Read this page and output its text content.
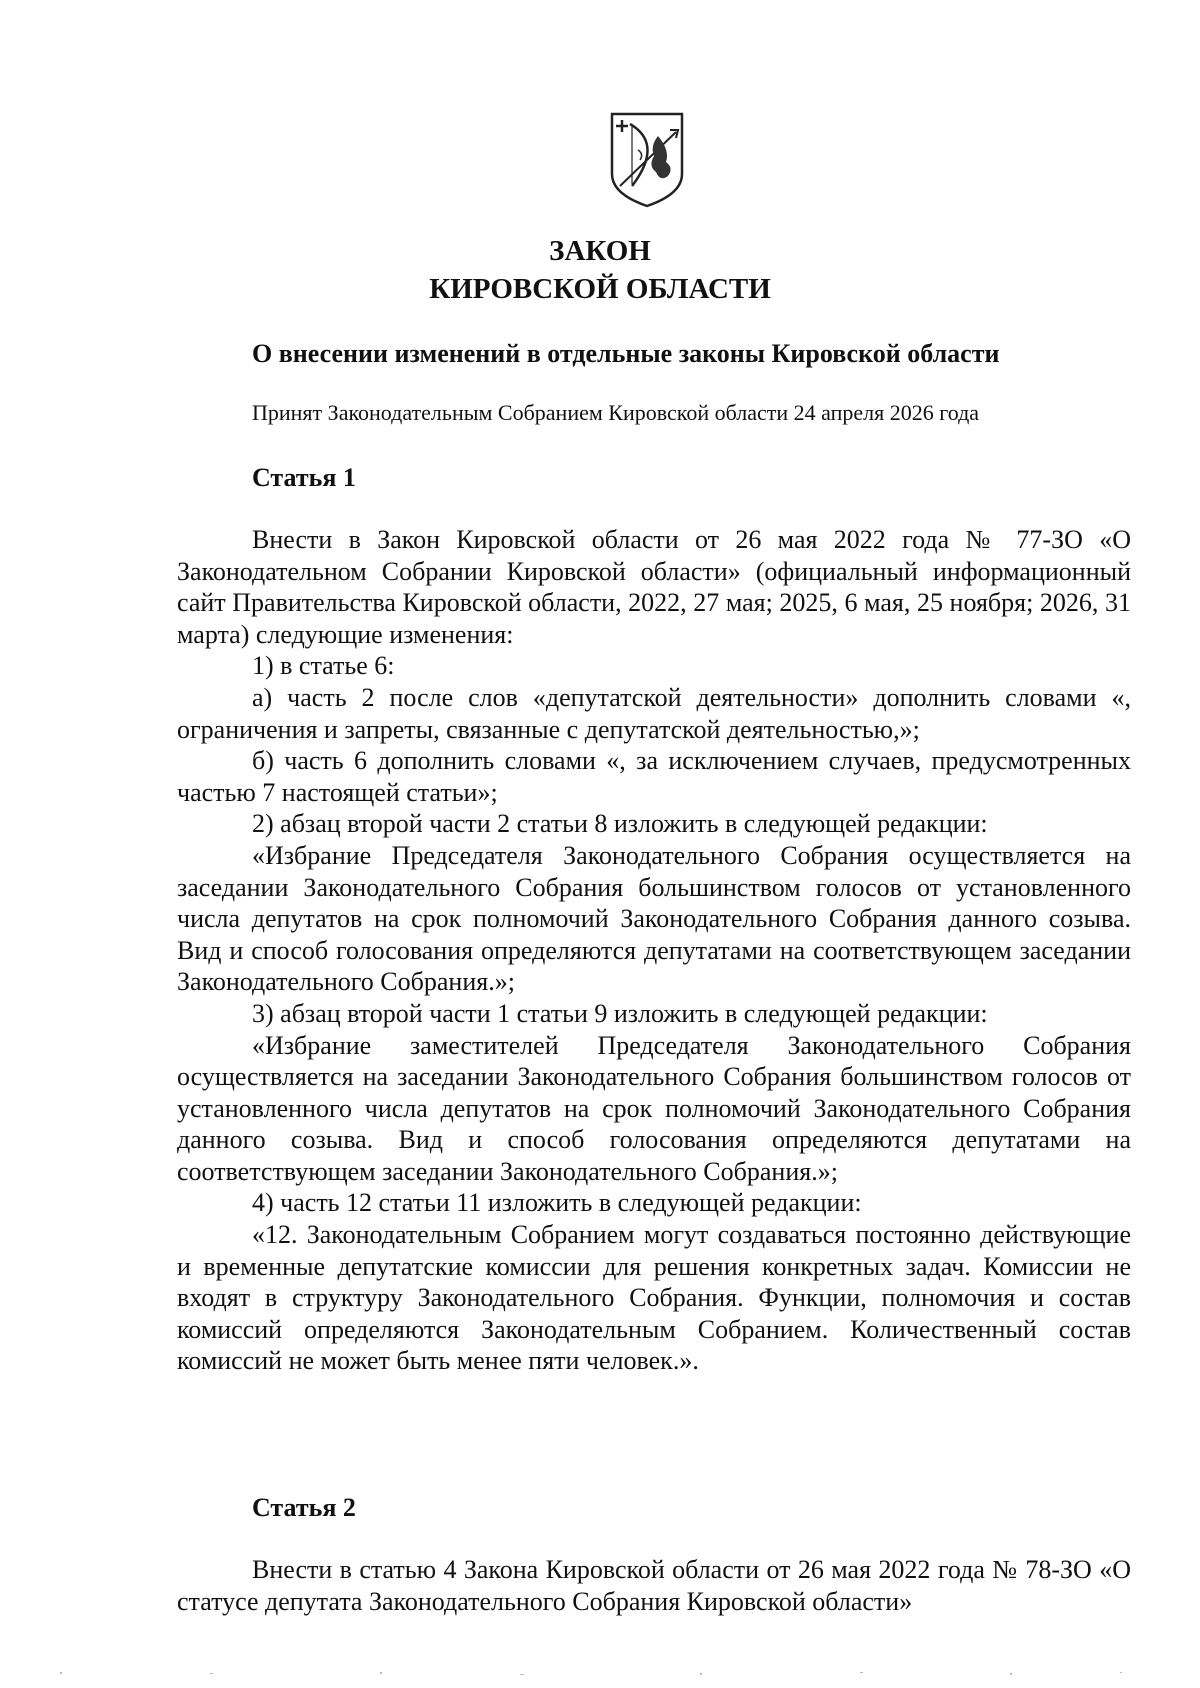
ЗАКОН
КИРОВСКОЙ ОБЛАСТИ
О внесении изменений в отдельные законы Кировской области
Принят Законодательным Собранием Кировской области 24 апреля 2026 года
Статья 1

Внести в Закон Кировской области от 26 мая 2022 года № 77-ЗО «О Законодательном Собрании Кировской области» (официальный информационный сайт Правительства Кировской области, 2022, 27 мая; 2025, 6 мая, 25 ноября; 2026, 31 марта) следующие изменения:

1) в статье 6:

а) часть 2 после слов «депутатской деятельности» дополнить словами «, ограничения и запреты, связанные с депутатской деятельностью,»;

б) часть 6 дополнить словами «, за исключением случаев, предусмотренных частью 7 настоящей статьи»;

2) абзац второй части 2 статьи 8 изложить в следующей редакции:

«Избрание Председателя Законодательного Собрания осуществляется на заседании Законодательного Собрания большинством голосов от установленного числа депутатов на срок полномочий Законодательного Собрания данного созыва. Вид и способ голосования определяются депутатами на соответствующем заседании Законодательного Собрания.»;

3) абзац второй части 1 статьи 9 изложить в следующей редакции:

«Избрание заместителей Председателя Законодательного Собрания осуществляется на заседании Законодательного Собрания большинством голосов от установленного числа депутатов на срок полномочий Законодательного Собрания данного созыва. Вид и способ голосования определяются депутатами на соответствующем заседании Законодательного Собрания.»;

4) часть 12 статьи 11 изложить в следующей редакции:

«12. Законодательным Собранием могут создаваться постоянно действующие и временные депутатские комиссии для решения конкретных задач. Комиссии не входят в структуру Законодательного Собрания. Функции, полномочия и состав комиссий определяются Законодательным Собранием. Количественный состав комиссий не может быть менее пяти человек.».

Статья 2

Внести в статью 4 Закона Кировской области от 26 мая 2022 года № 78-ЗО «О статусе депутата Законодательного Собрания Кировской области»
